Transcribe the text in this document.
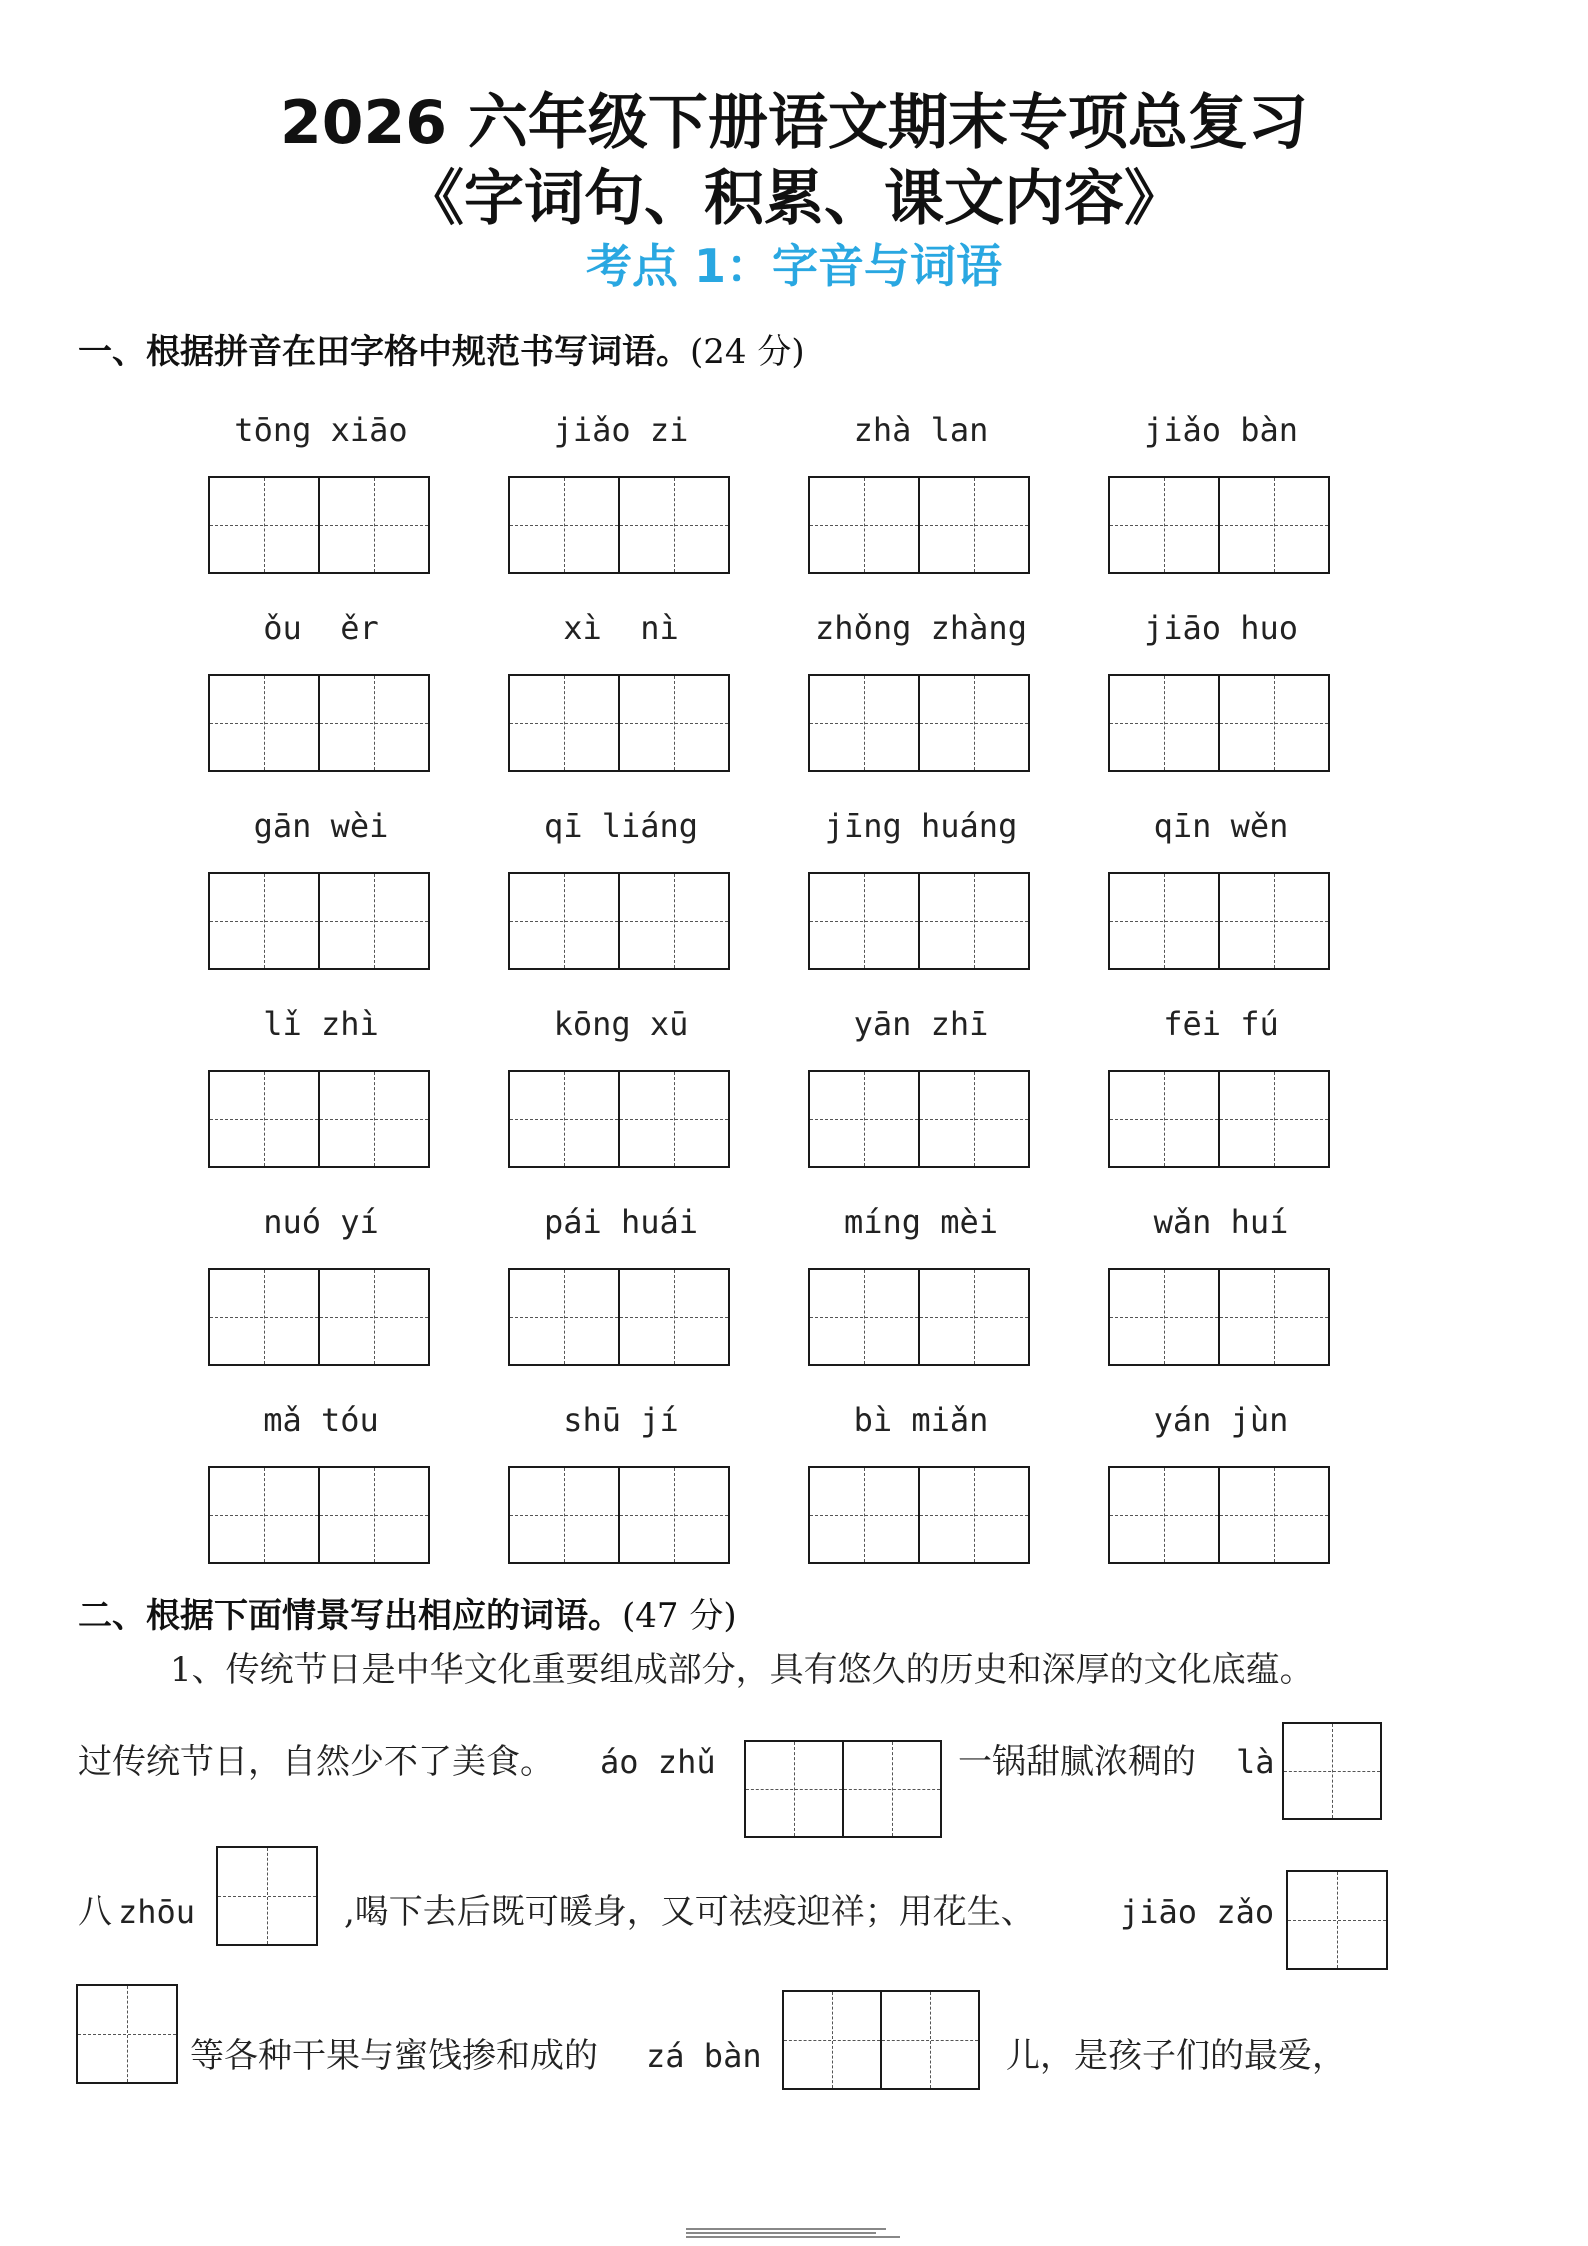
2026 六年级下册语文期末专项总复习
《字词句、积累、课文内容》
考点 1：字音与词语
一、根据拼音在田字格中规范书写词语。(24 分)
tōng xiāo	jiǎo zi	zhà lan	jiǎo bàn
ǒu  ěr	xì  nì	zhǒng zhàng	jiāo huo
gān wèi	qī liáng	jīng huáng	qīn wěn
lǐ zhì	kōng xū	yān zhī	fēi fú
nuó yí	pái huái	míng mèi	wǎn huí
mǎ tóu	shū jí	bì miǎn	yán jùn
二、根据下面情景写出相应的词语。(47 分)
1、传统节日是中华文化重要组成部分，具有悠久的历史和深厚的文化底蕴。
过传统节日，自然少不了美食。 áo zhǔ	一锅甜腻浓稠的 là
八 zhōu	,喝下去后既可暖身，又可祛疫迎祥；用花生、	jiāo zǎo
等各种干果与蜜饯掺和成的 zá bàn	儿，是孩子们的最爱，
